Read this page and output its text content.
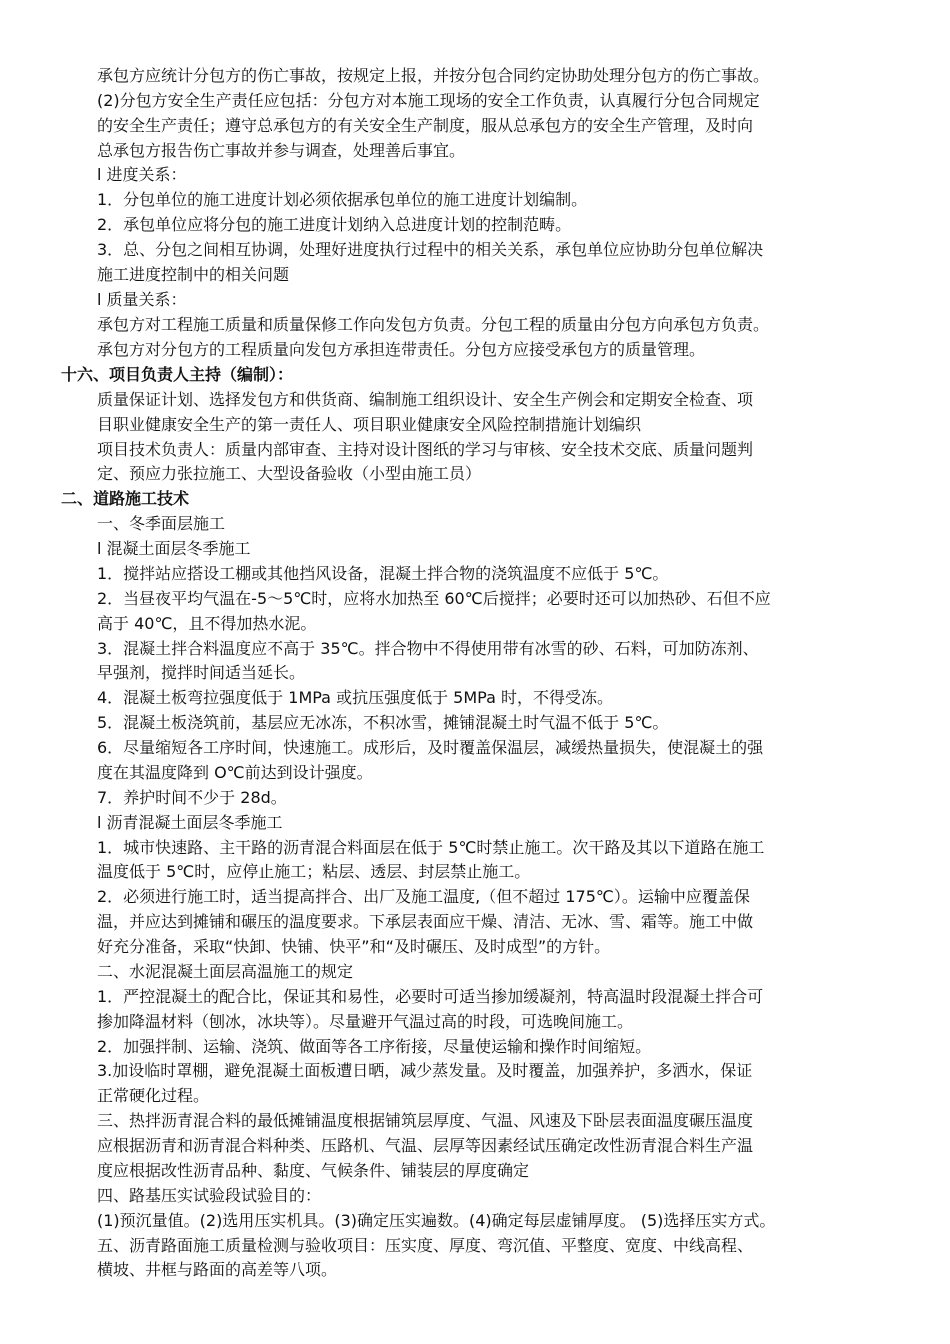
承包方应统计分包方的伤亡事故，按规定上报，并按分包合同约定协助处理分包方的伤亡事故。
(2)分包方安全生产责任应包括：分包方对本施工现场的安全工作负责，认真履行分包合同规定
的安全生产责任；遵守总承包方的有关安全生产制度，服从总承包方的安全生产管理，及时向
总承包方报告伤亡事故并参与调查，处理善后事宜。
l 进度关系：
1．分包单位的施工进度计划必须依据承包单位的施工进度计划编制。
2．承包单位应将分包的施工进度计划纳入总进度计划的控制范畴。
3．总、分包之间相互协调，处理好进度执行过程中的相关关系，承包单位应协助分包单位解决
施工进度控制中的相关问题
l 质量关系：
承包方对工程施工质量和质量保修工作向发包方负责。分包工程的质量由分包方向承包方负责。
承包方对分包方的工程质量向发包方承担连带责任。分包方应接受承包方的质量管理。
十六、项目负责人主持（编制）：
质量保证计划、选择发包方和供货商、编制施工组织设计、安全生产例会和定期安全检查、项
目职业健康安全生产的第一责任人、项目职业健康安全风险控制措施计划编织
项目技术负责人：质量内部审查、主持对设计图纸的学习与审核、安全技术交底、质量问题判
定、预应力张拉施工、大型设备验收（小型由施工员）
二、道路施工技术
一、冬季面层施工
l 混凝土面层冬季施工
1．搅拌站应搭设工棚或其他挡风设备，混凝土拌合物的浇筑温度不应低于 5℃。
2．当昼夜平均气温在-5～5℃时，应将水加热至 60℃后搅拌；必要时还可以加热砂、石但不应
高于 40℃，且不得加热水泥。
3．混凝土拌合料温度应不高于 35℃。拌合物中不得使用带有冰雪的砂、石料，可加防冻剂、
早强剂，搅拌时间适当延长。
4．混凝土板弯拉强度低于 1MPa 或抗压强度低于 5MPa 时，不得受冻。
5．混凝土板浇筑前，基层应无冰冻，不积冰雪，摊铺混凝土时气温不低于 5℃。
6．尽量缩短各工序时间，快速施工。成形后，及时覆盖保温层，减缓热量损失，使混凝土的强
度在其温度降到 O℃前达到设计强度。
7．养护时间不少于 28d。
l 沥青混凝土面层冬季施工
1．城市快速路、主干路的沥青混合料面层在低于 5℃时禁止施工。次干路及其以下道路在施工
温度低于 5℃时，应停止施工；粘层、透层、封层禁止施工。
2．必须进行施工时，适当提高拌合、出厂及施工温度,（但不超过 175℃）。运输中应覆盖保
温，并应达到摊铺和碾压的温度要求。下承层表面应干燥、清洁、无冰、雪、霜等。施工中做
好充分准备，采取“快卸、快铺、快平”和“及时碾压、及时成型”的方针。
二、水泥混凝土面层高温施工的规定
1．严控混凝土的配合比，保证其和易性，必要时可适当掺加缓凝剂，特高温时段混凝土拌合可
掺加降温材料（刨冰，冰块等）。尽量避开气温过高的时段，可选晚间施工。
2．加强拌制、运输、浇筑、做面等各工序衔接，尽量使运输和操作时间缩短。
3.加设临时罩棚，避免混凝土面板遭日晒，减少蒸发量。及时覆盖，加强养护，多洒水，保证
正常硬化过程。
三、热拌沥青混合料的最低摊铺温度根据铺筑层厚度、气温、风速及下卧层表面温度碾压温度
应根据沥青和沥青混合料种类、压路机、气温、层厚等因素经试压确定改性沥青混合料生产温
度应根据改性沥青品种、黏度、气候条件、铺装层的厚度确定
四、路基压实试验段试验目的：
(1)预沉量值。(2)选用压实机具。(3)确定压实遍数。(4)确定每层虚铺厚度。 (5)选择压实方式。
五、沥青路面施工质量检测与验收项目：压实度、厚度、弯沉值、平整度、宽度、中线高程、
横坡、井框与路面的高差等八项。
